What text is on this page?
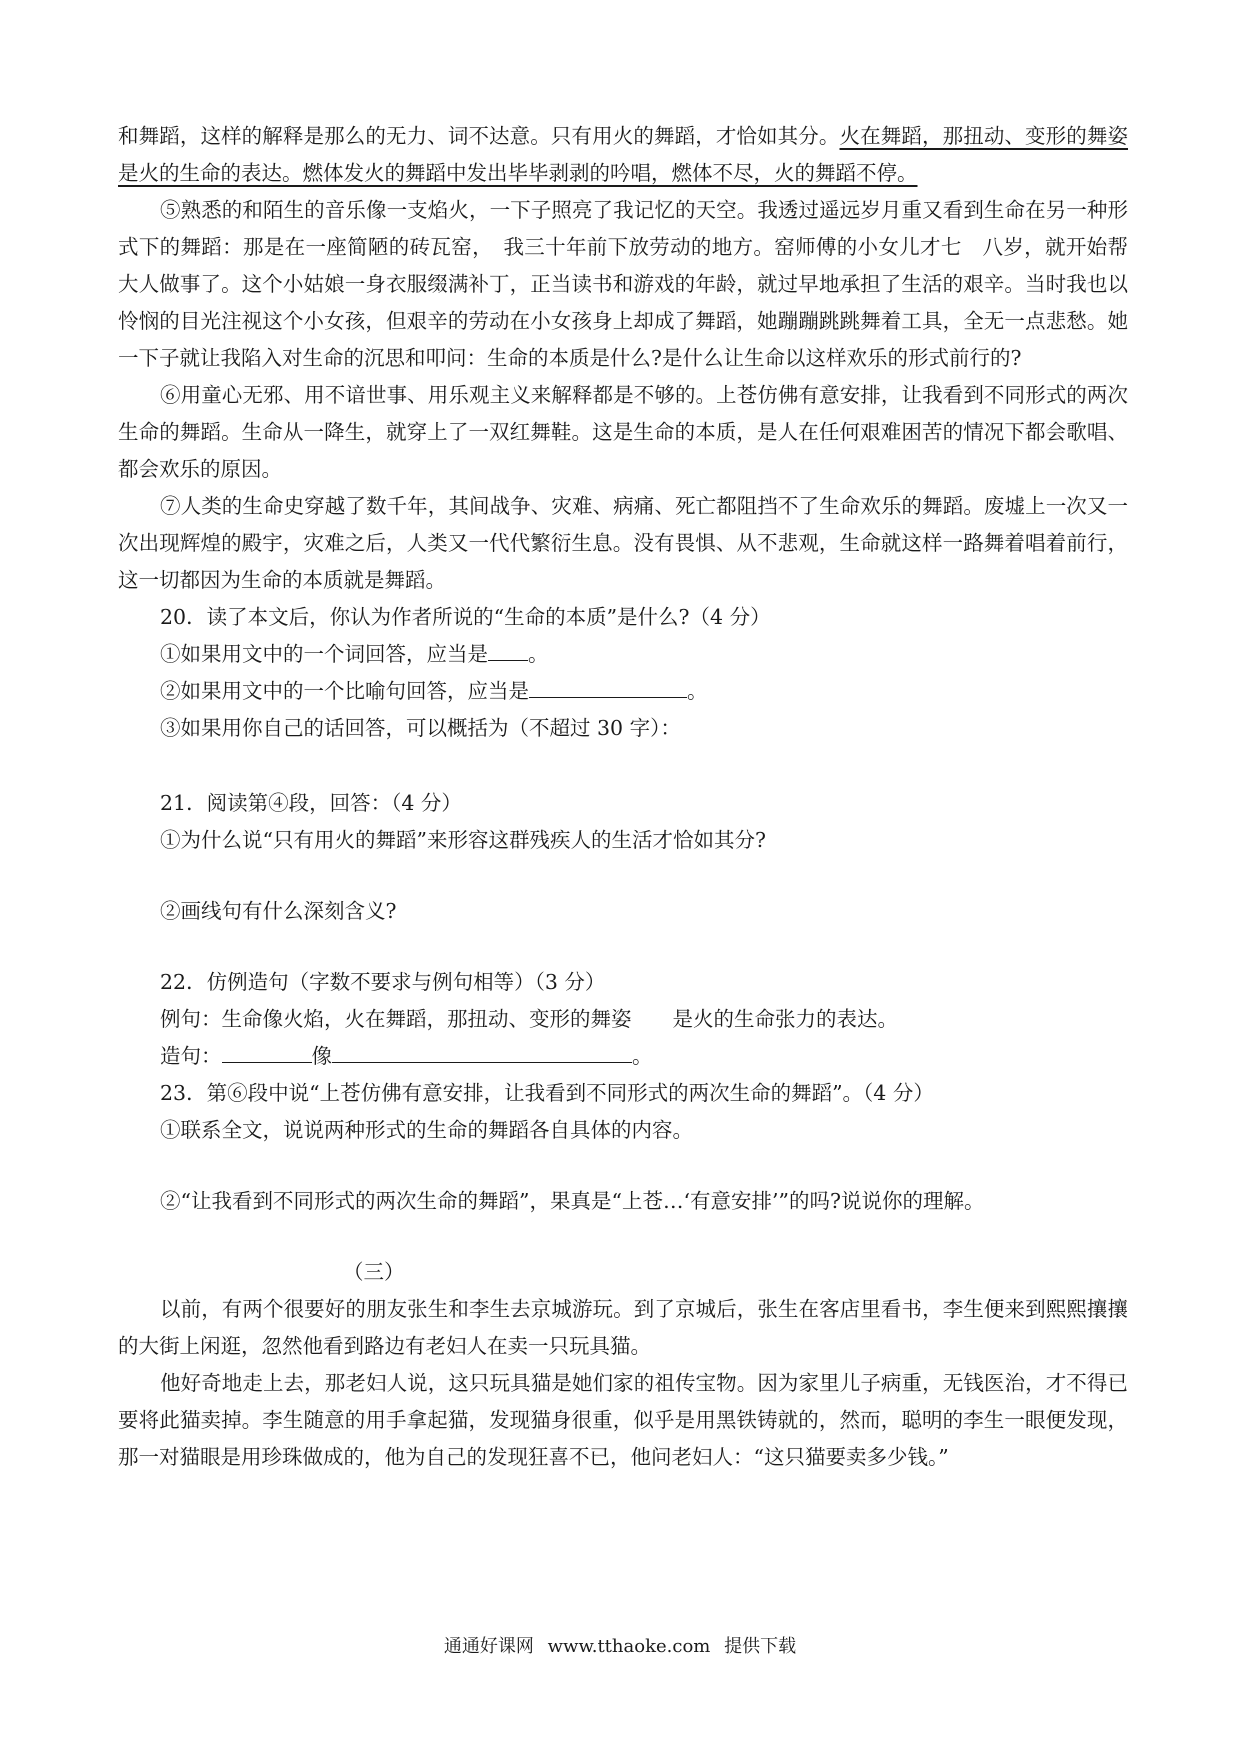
和舞蹈，这样的解释是那么的无力、词不达意。只有用火的舞蹈，才恰如其分。火在舞蹈，那扭动、变形的舞姿是火的生命的表达。燃体发火的舞蹈中发出毕毕剥剥的吟唱，燃体不尽，火的舞蹈不停。

⑤熟悉的和陌生的音乐像一支焰火，一下子照亮了我记忆的天空。我透过遥远岁月重又看到生命在另一种形式下的舞蹈：那是在一座简陋的砖瓦窑，　我三十年前下放劳动的地方。窑师傅的小女儿才七　八岁，就开始帮大人做事了。这个小姑娘一身衣服缀满补丁，正当读书和游戏的年龄，就过早地承担了生活的艰辛。当时我也以怜悯的目光注视这个小女孩，但艰辛的劳动在小女孩身上却成了舞蹈，她蹦蹦跳跳舞着工具，全无一点悲愁。她一下子就让我陷入对生命的沉思和叩问：生命的本质是什么?是什么让生命以这样欢乐的形式前行的?

⑥用童心无邪、用不谙世事、用乐观主义来解释都是不够的。上苍仿佛有意安排，让我看到不同形式的两次生命的舞蹈。生命从一降生，就穿上了一双红舞鞋。这是生命的本质，是人在任何艰难困苦的情况下都会歌唱、都会欢乐的原因。

⑦人类的生命史穿越了数千年，其间战争、灾难、病痛、死亡都阻挡不了生命欢乐的舞蹈。废墟上一次又一次出现辉煌的殿宇，灾难之后，人类又一代代繁衍生息。没有畏惧、从不悲观，生命就这样一路舞着唱着前行，这一切都因为生命的本质就是舞蹈。

20．读了本文后，你认为作者所说的“生命的本质”是什么?（4 分）

①如果用文中的一个词回答，应当是 。

②如果用文中的一个比喻句回答，应当是	。

③如果用你自己的话回答，可以概括为（不超过 30 字）：

21．阅读第④段，回答：（4 分）

①为什么说“只有用火的舞蹈”来形容这群残疾人的生活才恰如其分?

②画线句有什么深刻含义?

22．仿例造句（字数不要求与例句相等）（3 分）

例句：生命像火焰，火在舞蹈，那扭动、变形的舞姿　　是火的生命张力的表达。

造句：	像	。

23．第⑥段中说“上苍仿佛有意安排，让我看到不同形式的两次生命的舞蹈”。（4 分）

①联系全文，说说两种形式的生命的舞蹈各自具体的内容。

②“让我看到不同形式的两次生命的舞蹈”，果真是“上苍…‘有意安排’”的吗?说说你的理解。

（三）

以前，有两个很要好的朋友张生和李生去京城游玩。到了京城后，张生在客店里看书，李生便来到熙熙攘攘的大街上闲逛，忽然他看到路边有老妇人在卖一只玩具猫。

他好奇地走上去，那老妇人说，这只玩具猫是她们家的祖传宝物。因为家里儿子病重，无钱医治，才不得已要将此猫卖掉。李生随意的用手拿起猫，发现猫身很重，似乎是用黑铁铸就的，然而，聪明的李生一眼便发现，那一对猫眼是用珍珠做成的，他为自己的发现狂喜不已，他问老妇人：“这只猫要卖多少钱。”

通通好课网 www.tthaoke.com 提供下载
